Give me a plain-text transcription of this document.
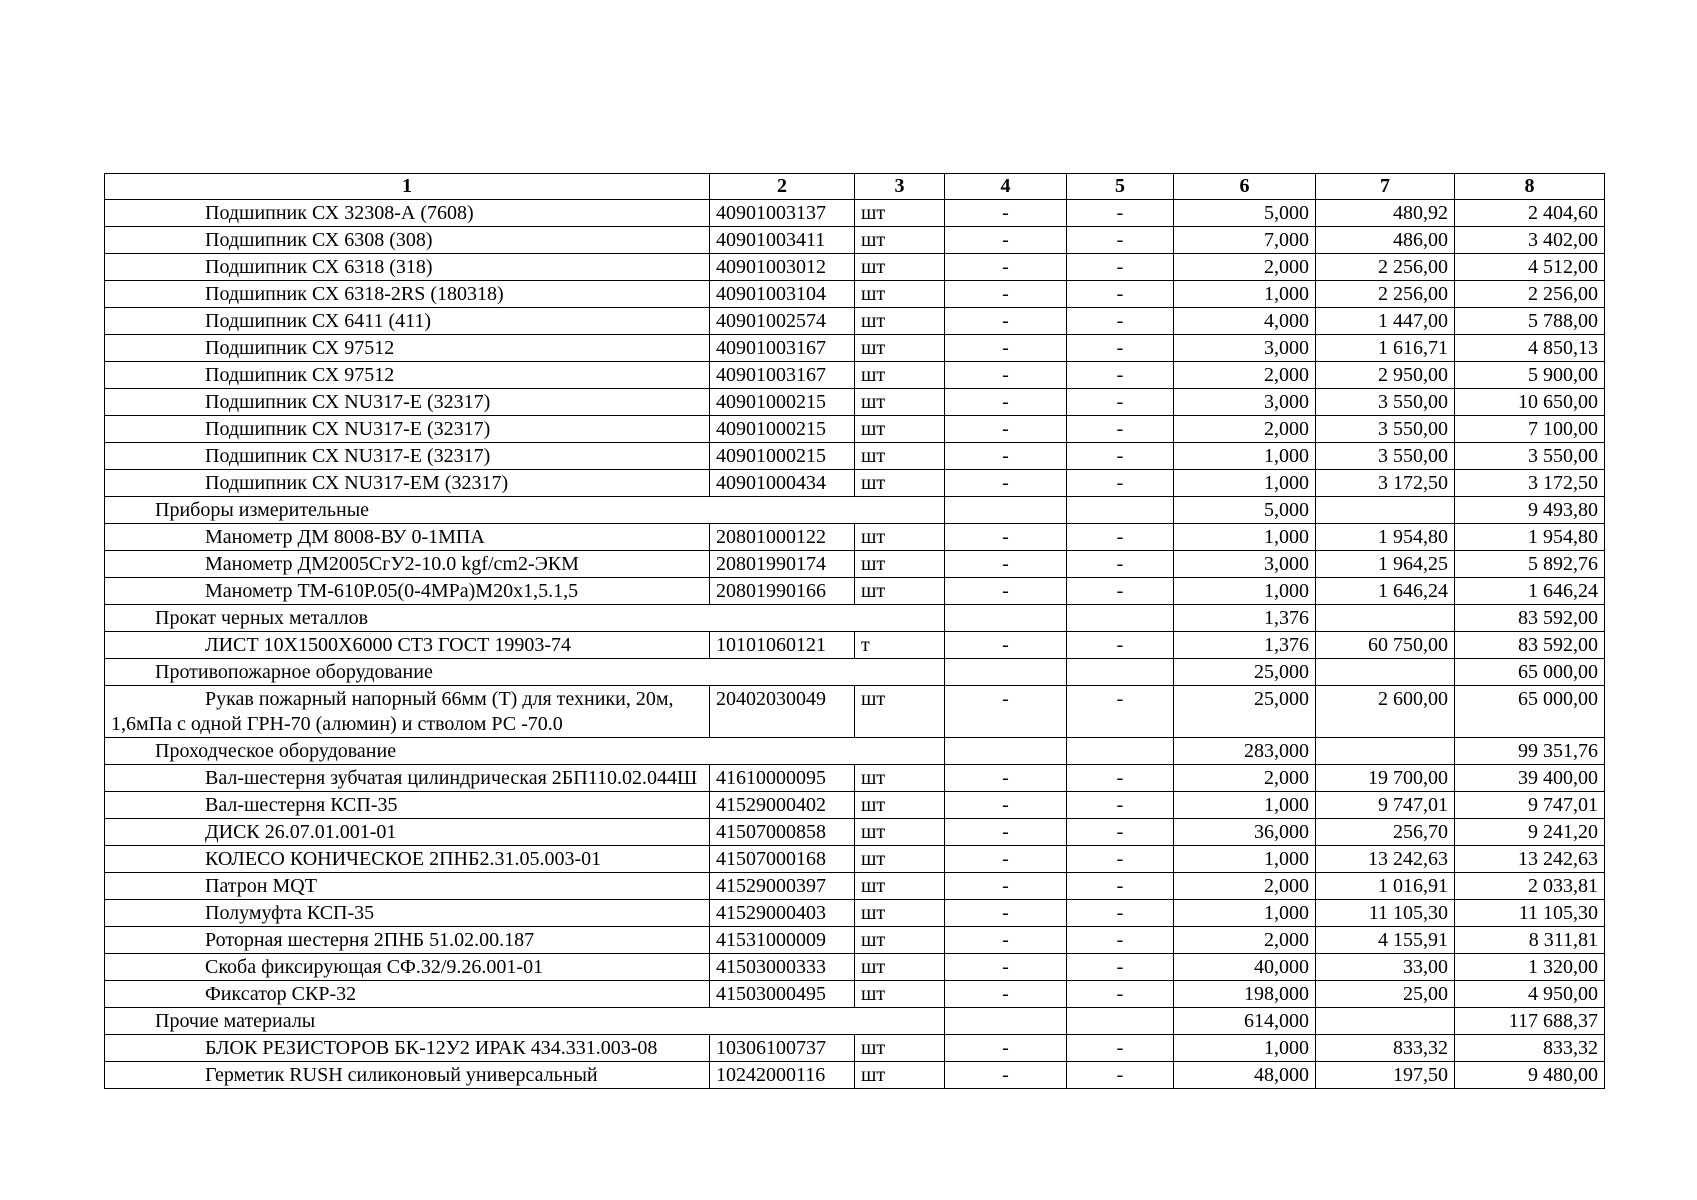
1	2	3	4	5	6	7	8
Подшипник СХ 32308-А (7608)	40901003137	шт	-	-	5,000	480,92	2 404,60
Подшипник СХ 6308 (308)	40901003411	шт	-	-	7,000	486,00	3 402,00
Подшипник СХ 6318 (318)	40901003012	шт	-	-	2,000	2 256,00	4 512,00
Подшипник СХ 6318-2RS (180318)	40901003104	шт	-	-	1,000	2 256,00	2 256,00
Подшипник СХ 6411 (411)	40901002574	шт	-	-	4,000	1 447,00	5 788,00
Подшипник СХ 97512	40901003167	шт	-	-	3,000	1 616,71	4 850,13
Подшипник СХ 97512	40901003167	шт	-	-	2,000	2 950,00	5 900,00
Подшипник СХ NU317-E (32317)	40901000215	шт	-	-	3,000	3 550,00	10 650,00
Подшипник СХ NU317-E (32317)	40901000215	шт	-	-	2,000	3 550,00	7 100,00
Подшипник СХ NU317-E (32317)	40901000215	шт	-	-	1,000	3 550,00	3 550,00
Подшипник СХ NU317-EM (32317)	40901000434	шт	-	-	1,000	3 172,50	3 172,50
Приборы измерительные					5,000		9 493,80
Манометр ДМ 8008-ВУ 0-1МПА	20801000122	шт	-	-	1,000	1 954,80	1 954,80
Манометр ДМ2005СгУ2-10.0 kgf/cm2-ЭКМ	20801990174	шт	-	-	3,000	1 964,25	5 892,76
Манометр ТМ-610Р.05(0-4МРа)М20х1,5.1,5	20801990166	шт	-	-	1,000	1 646,24	1 646,24
Прокат черных металлов					1,376		83 592,00
ЛИСТ 10Х1500Х6000 СТ3 ГОСТ 19903-74	10101060121	т	-	-	1,376	60 750,00	83 592,00
Противопожарное оборудование					25,000		65 000,00
Рукав пожарный напорный 66мм (Т) для техники, 20м, 1,6мПа с одной ГРН-70 (алюмин) и стволом РС -70.0	20402030049	шт	-	-	25,000	2 600,00	65 000,00
Проходческое оборудование					283,000		99 351,76
Вал-шестерня зубчатая цилиндрическая 2БП110.02.044Ш	41610000095	шт	-	-	2,000	19 700,00	39 400,00
Вал-шестерня КСП-35	41529000402	шт	-	-	1,000	9 747,01	9 747,01
ДИСК 26.07.01.001-01	41507000858	шт	-	-	36,000	256,70	9 241,20
КОЛЕСО КОНИЧЕСКОЕ 2ПНБ2.31.05.003-01	41507000168	шт	-	-	1,000	13 242,63	13 242,63
Патрон MQT	41529000397	шт	-	-	2,000	1 016,91	2 033,81
Полумуфта КСП-35	41529000403	шт	-	-	1,000	11 105,30	11 105,30
Роторная шестерня 2ПНБ 51.02.00.187	41531000009	шт	-	-	2,000	4 155,91	8 311,81
Скоба фиксирующая СФ.32/9.26.001-01	41503000333	шт	-	-	40,000	33,00	1 320,00
Фиксатор СКР-32	41503000495	шт	-	-	198,000	25,00	4 950,00
Прочие материалы					614,000		117 688,37
БЛОК РЕЗИСТОРОВ БК-12У2 ИРАК 434.331.003-08	10306100737	шт	-	-	1,000	833,32	833,32
Герметик RUSH силиконовый универсальный	10242000116	шт	-	-	48,000	197,50	9 480,00
